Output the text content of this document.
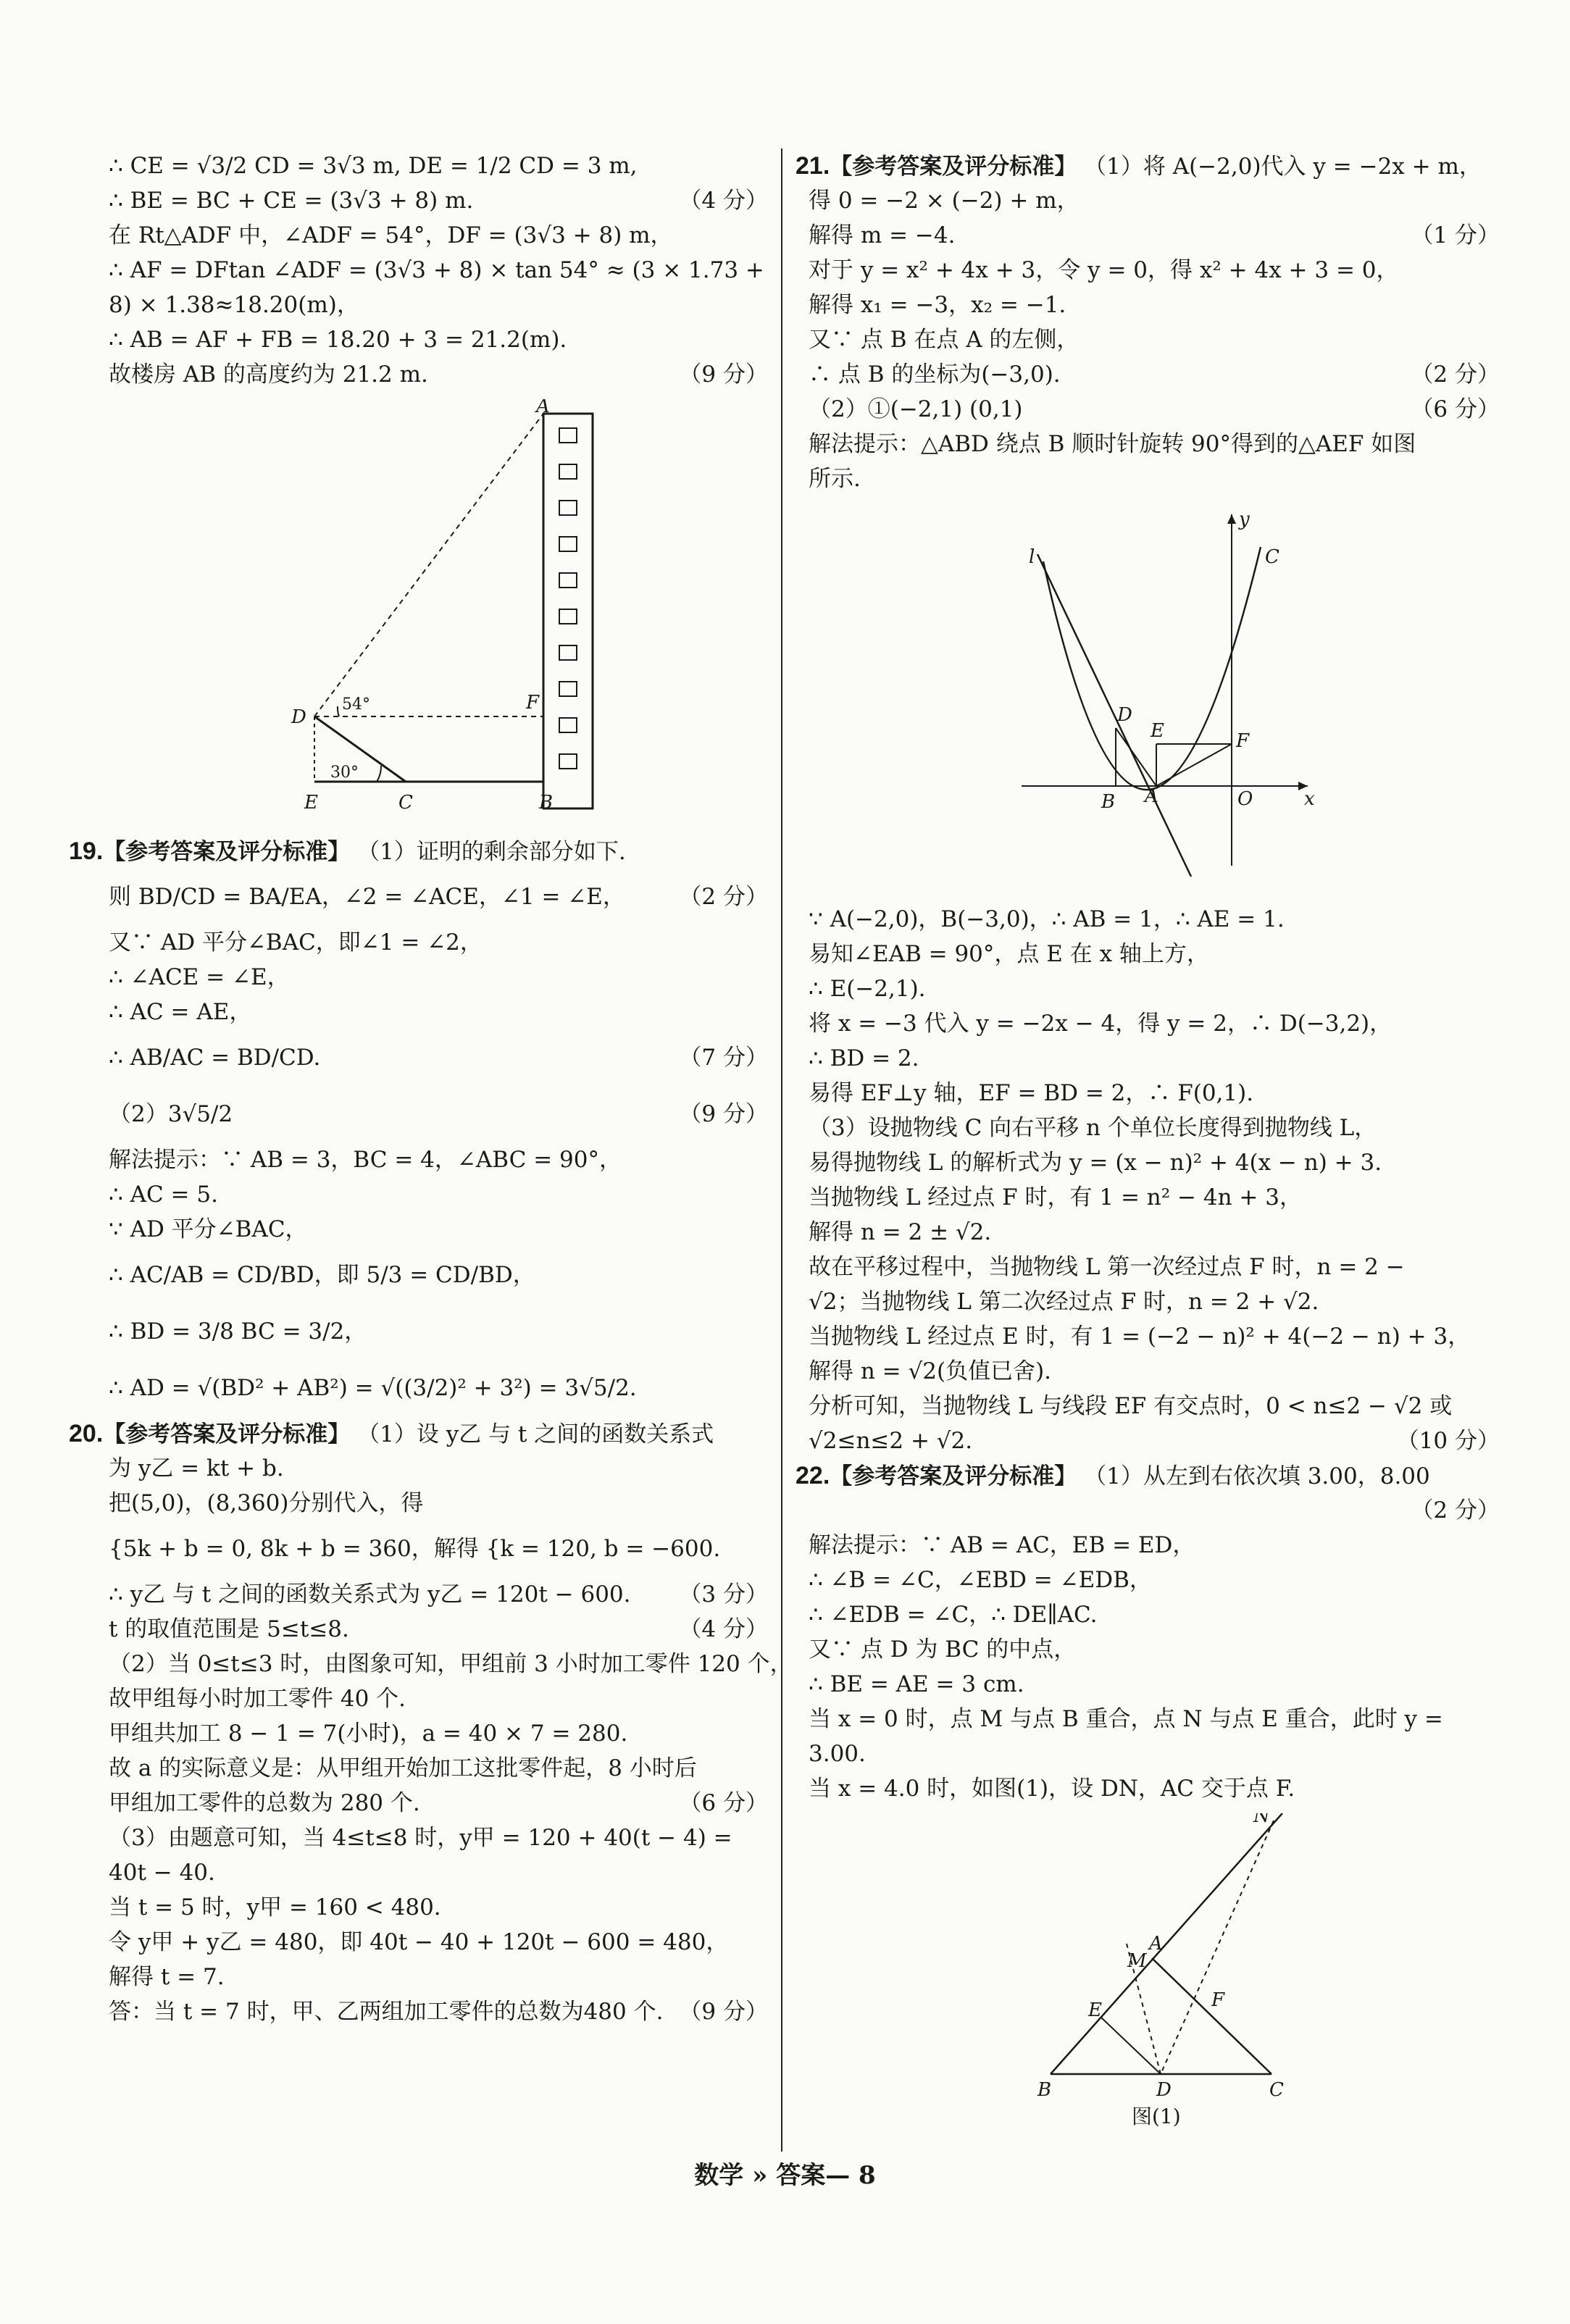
∴ CE = √3/2 CD = 3√3 m, DE = 1/2 CD = 3 m,
∴ BE = BC + CE = (3√3 + 8) m.	（4 分）
在 Rt△ADF 中，∠ADF = 54°，DF = (3√3 + 8) m，
∴ AF = DFtan ∠ADF = (3√3 + 8) × tan 54° ≈ (3 × 1.73 +
8) × 1.38≈18.20(m)，
∴ AB = AF + FB = 18.20 + 3 = 21.2(m).
故楼房 AB 的高度约为 21.2 m.	（9 分）
A
D
54°	F
30°
E	C	B
19.【参考答案及评分标准】 （1）证明的剩余部分如下.
则 BD/CD = BA/EA，∠2 = ∠ACE，∠1 = ∠E， （2 分）
又∵ AD 平分∠BAC，即∠1 = ∠2，
∴ ∠ACE = ∠E，
∴ AC = AE，
∴ AB/AC = BD/CD.	（7 分）
（2）3√5/2	（9 分）
解法提示：∵ AB = 3，BC = 4，∠ABC = 90°，
∴ AC = 5.
∵ AD 平分∠BAC，
∴ AC/AB = CD/BD，即 5/3 = CD/BD，
∴ BD = 3/8 BC = 3/2，
∴ AD = √(BD² + AB²) = √((3/2)² + 3²) = 3√5/2.
20.【参考答案及评分标准】 （1）设 y乙 与 t 之间的函数关系式
为 y乙 = kt + b.
把(5,0)，(8,360)分别代入，得
{5k + b = 0, 8k + b = 360，解得 {k = 120, b = −600.
∴ y乙 与 t 之间的函数关系式为 y乙 = 120t − 600. （3 分）
t 的取值范围是 5≤t≤8.	（4 分）
（2）当 0≤t≤3 时，由图象可知，甲组前 3 小时加工零件 120 个，
故甲组每小时加工零件 40 个.
甲组共加工 8 − 1 = 7(小时)，a = 40 × 7 = 280.
故 a 的实际意义是：从甲组开始加工这批零件起，8 小时后
甲组加工零件的总数为 280 个.	（6 分）
（3）由题意可知，当 4≤t≤8 时，y甲 = 120 + 40(t − 4) =
40t − 40.
当 t = 5 时，y甲 = 160 < 480.
令 y甲 + y乙 = 480，即 40t − 40 + 120t − 600 = 480，
解得 t = 7.
答：当 t = 7 时，甲、乙两组加工零件的总数为480 个. （9 分）
21.【参考答案及评分标准】 （1）将 A(−2,0)代入 y = −2x + m，
得 0 = −2 × (−2) + m，
解得 m = −4.	（1 分）
对于 y = x² + 4x + 3，令 y = 0，得 x² + 4x + 3 = 0，
解得 x₁ = −3，x₂ = −1.
又∵ 点 B 在点 A 的左侧，
∴ 点 B 的坐标为(−3,0).	（2 分）
（2）①(−2,1) (0,1)	（6 分）
解法提示：△ABD 绕点 B 顺时针旋转 90°得到的△AEF 如图
所示.
y
l	C
D
E	F
B A	O	x
∵ A(−2,0)，B(−3,0)，∴ AB = 1，∴ AE = 1.
易知∠EAB = 90°，点 E 在 x 轴上方，
∴ E(−2,1).
将 x = −3 代入 y = −2x − 4，得 y = 2，∴ D(−3,2)，
∴ BD = 2.
易得 EF⊥y 轴，EF = BD = 2，∴ F(0,1).
（3）设抛物线 C 向右平移 n 个单位长度得到抛物线 L，
易得抛物线 L 的解析式为 y = (x − n)² + 4(x − n) + 3.
当抛物线 L 经过点 F 时，有 1 = n² − 4n + 3，
解得 n = 2 ± √2.
故在平移过程中，当抛物线 L 第一次经过点 F 时，n = 2 −
√2；当抛物线 L 第二次经过点 F 时，n = 2 + √2.
当抛物线 L 经过点 E 时，有 1 = (−2 − n)² + 4(−2 − n) + 3，
解得 n = √2(负值已舍).
分析可知，当抛物线 L 与线段 EF 有交点时，0 < n≤2 − √2 或
√2≤n≤2 + √2.	（10 分）
22.【参考答案及评分标准】 （1）从左到右依次填 3.00，8.00
（2 分）
解法提示：∵ AB = AC，EB = ED，
∴ ∠B = ∠C，∠EBD = ∠EDB，
∴ ∠EDB = ∠C，∴ DE∥AC.
又∵ 点 D 为 BC 的中点，
∴ BE = AE = 3 cm.
当 x = 0 时，点 M 与点 B 重合，点 N 与点 E 重合，此时 y =
3.00.
当 x = 4.0 时，如图(1)，设 DN，AC 交于点 F.
N
A
M
E	F
B	D	C
图(1)
数学 » 答案— 8
